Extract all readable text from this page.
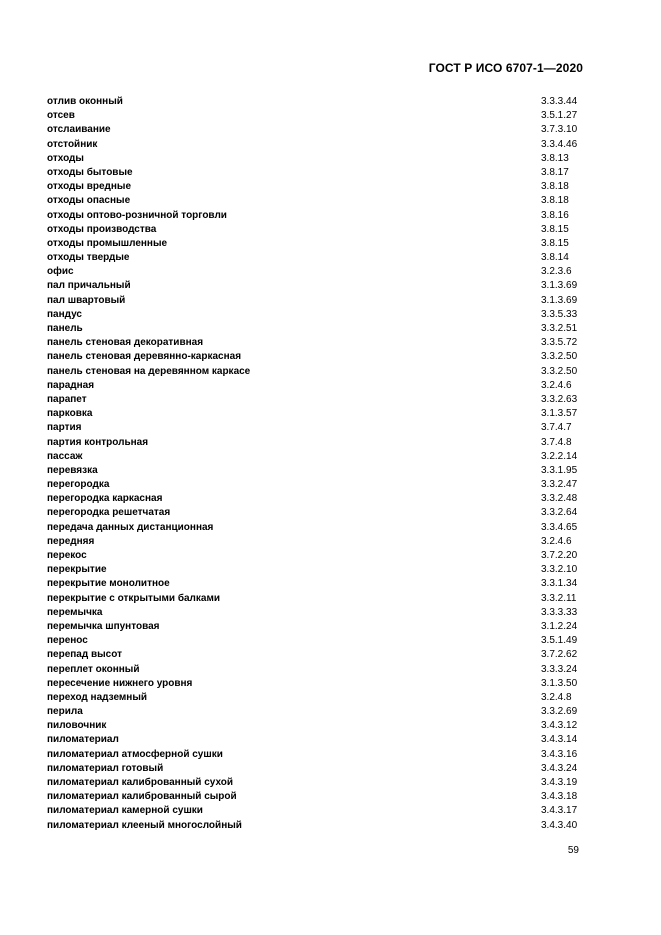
ГОСТ Р ИСО 6707-1—2020
отлив оконный	3.3.3.44
отсев	3.5.1.27
отслаивание	3.7.3.10
отстойник	3.3.4.46
отходы	3.8.13
отходы бытовые	3.8.17
отходы вредные	3.8.18
отходы опасные	3.8.18
отходы оптово-розничной торговли	3.8.16
отходы производства	3.8.15
отходы промышленные	3.8.15
отходы твердые	3.8.14
офис	3.2.3.6
пал причальный	3.1.3.69
пал швартовый	3.1.3.69
пандус	3.3.5.33
панель	3.3.2.51
панель стеновая декоративная	3.3.5.72
панель стеновая деревянно-каркасная	3.3.2.50
панель стеновая на деревянном каркасе	3.3.2.50
парадная	3.2.4.6
парапет	3.3.2.63
парковка	3.1.3.57
партия	3.7.4.7
партия контрольная	3.7.4.8
пассаж	3.2.2.14
перевязка	3.3.1.95
перегородка	3.3.2.47
перегородка каркасная	3.3.2.48
перегородка решетчатая	3.3.2.64
передача данных дистанционная	3.3.4.65
передняя	3.2.4.6
перекос	3.7.2.20
перекрытие	3.3.2.10
перекрытие монолитное	3.3.1.34
перекрытие с открытыми балками	3.3.2.11
перемычка	3.3.3.33
перемычка шпунтовая	3.1.2.24
перенос	3.5.1.49
перепад высот	3.7.2.62
переплет оконный	3.3.3.24
пересечение нижнего уровня	3.1.3.50
переход надземный	3.2.4.8
перила	3.3.2.69
пиловочник	3.4.3.12
пиломатериал	3.4.3.14
пиломатериал атмосферной сушки	3.4.3.16
пиломатериал готовый	3.4.3.24
пиломатериал калиброванный сухой	3.4.3.19
пиломатериал калиброванный сырой	3.4.3.18
пиломатериал камерной сушки	3.4.3.17
пиломатериал клееный многослойный	3.4.3.40
59
